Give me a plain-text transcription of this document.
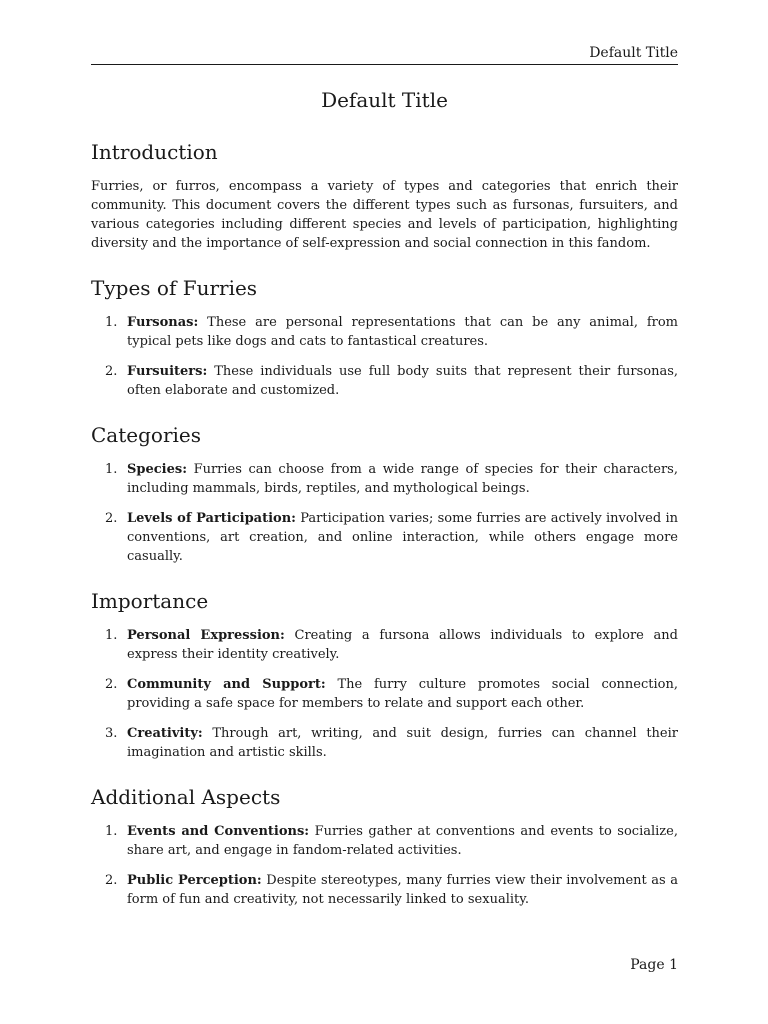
Default Title
Default Title
Introduction

Furries, or furros, encompass a variety of types and categories that enrich their community. This document covers the different types such as fursonas, fursuiters, and various categories including different species and levels of participation, highlighting diversity and the importance of self-expression and social connection in this fandom.

Types of Furries
1. Fursonas: These are personal representations that can be any animal, from typical pets like dogs and cats to fantastical creatures.
2. Fursuiters: These individuals use full body suits that represent their fursonas, often elaborate and customized.
Categories
1. Species: Furries can choose from a wide range of species for their characters, including mammals, birds, reptiles, and mythological beings.
2. Levels of Participation: Participation varies; some furries are actively involved in conventions, art creation, and online interaction, while others engage more casually.
Importance
1. Personal Expression: Creating a fursona allows individuals to explore and express their identity creatively.
2. Community and Support: The furry culture promotes social connection, providing a safe space for members to relate and support each other.
3. Creativity: Through art, writing, and suit design, furries can channel their imagination and artistic skills.
Additional Aspects
1. Events and Conventions: Furries gather at conventions and events to socialize, share art, and engage in fandom-related activities.
2. Public Perception: Despite stereotypes, many furries view their involvement as a form of fun and creativity, not necessarily linked to sexuality.
Page 1
